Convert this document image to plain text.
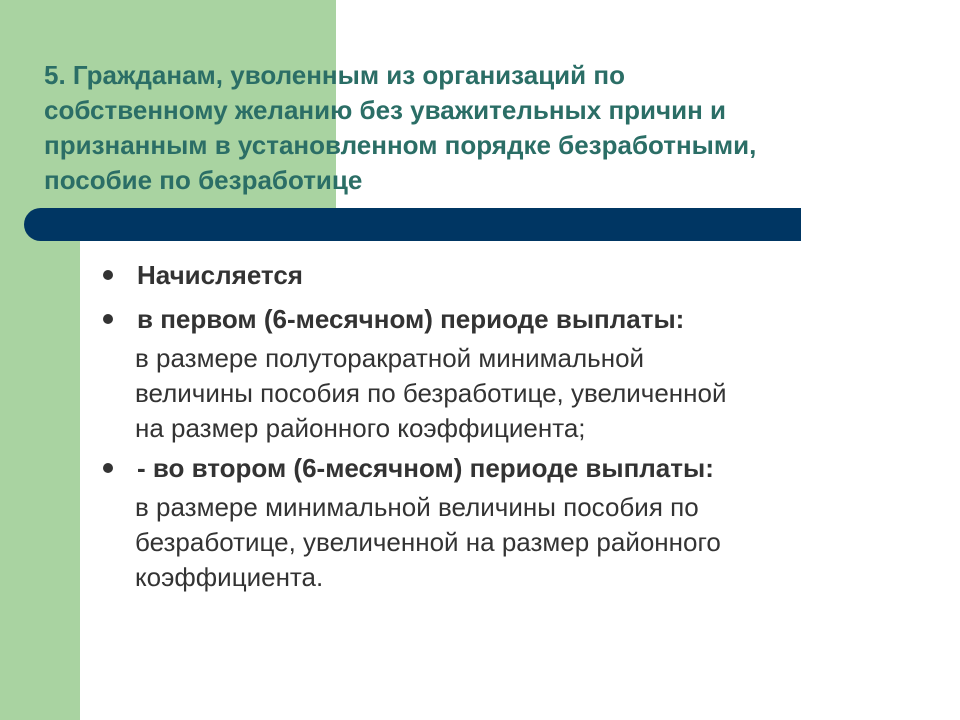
5. Гражданам, уволенным из организаций по
собственному желанию без уважительных причин и
признанным в установленном порядке безработными,
пособие по безработице
Начисляется
в первом (6-месячном) периоде выплаты:
в размере полуторакратной минимальной
величины пособия по безработице, увеличенной
на размер районного коэффициента;
- во втором (6-месячном) периоде выплаты:
в размере минимальной величины пособия по
безработице, увеличенной на размер районного
коэффициента.
